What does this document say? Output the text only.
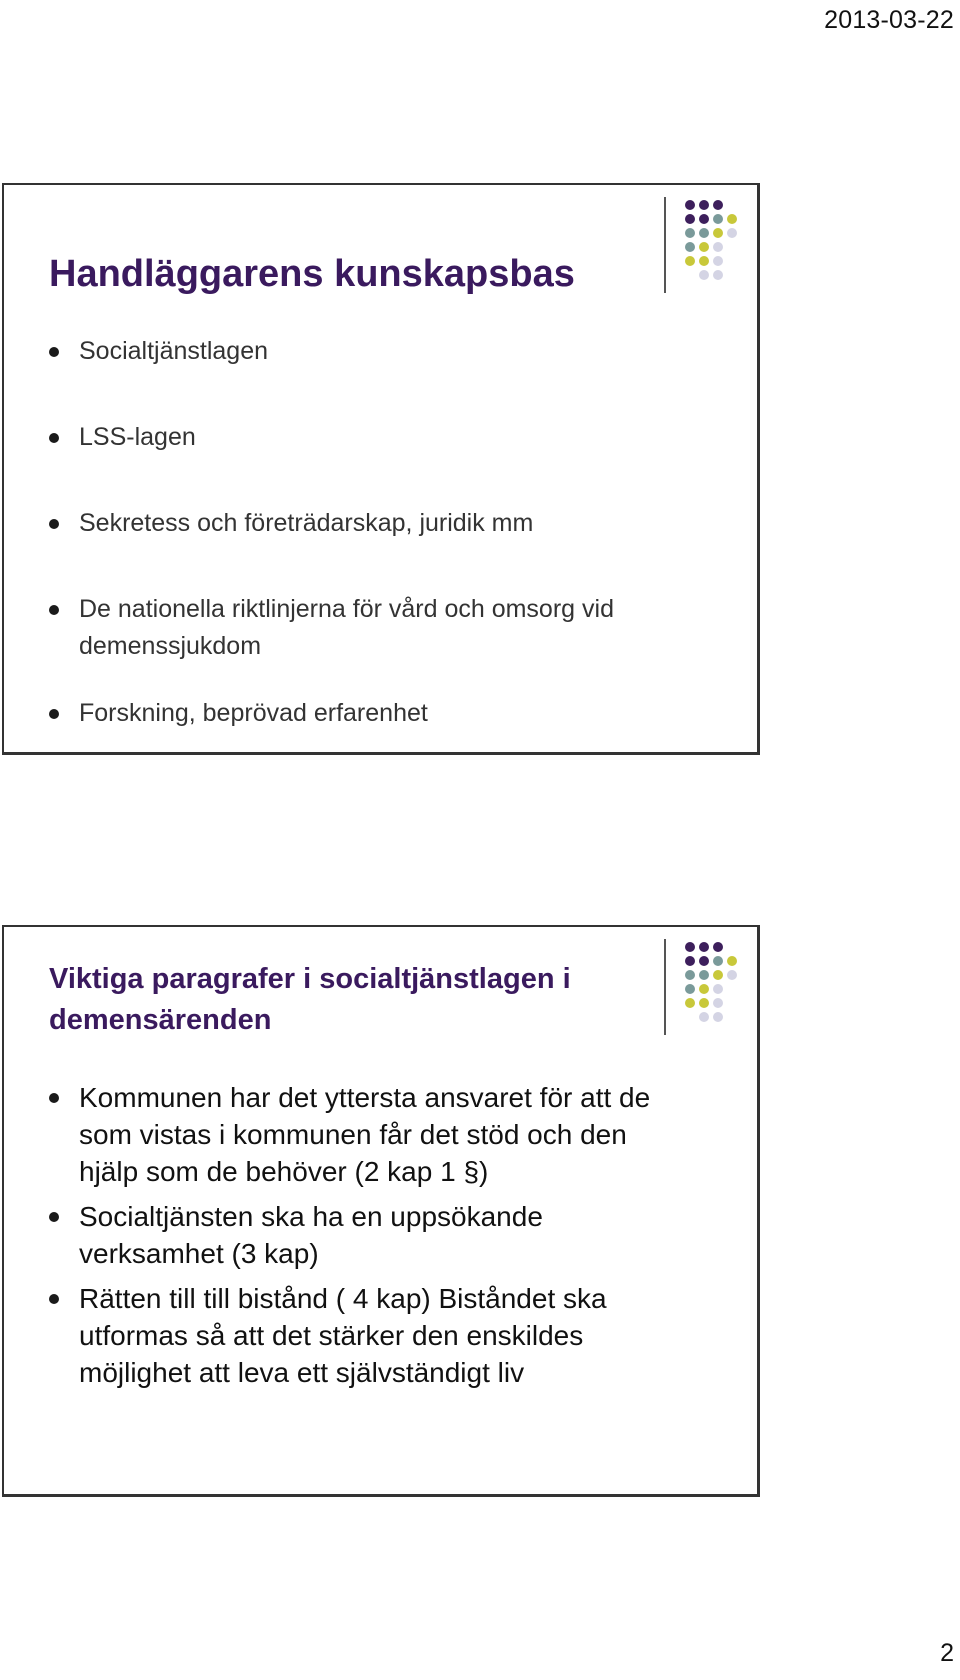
2013-03-22
Handläggarens kunskapsbas
Socialtjänstlagen
LSS-lagen
Sekretess och företrädarskap, juridik mm
De nationella riktlinjerna för vård och omsorg vid demenssjukdom
Forskning, beprövad erfarenhet
Viktiga paragrafer i socialtjänstlagen i demensärenden
Kommunen har det yttersta ansvaret för att de som vistas i kommunen får det stöd och den hjälp som de behöver (2 kap 1 §)
Socialtjänsten ska ha en uppsökande verksamhet (3 kap)
Rätten till till bistånd ( 4 kap) Biståndet ska utformas så att det stärker den enskildes möjlighet att leva ett självständigt liv
2
